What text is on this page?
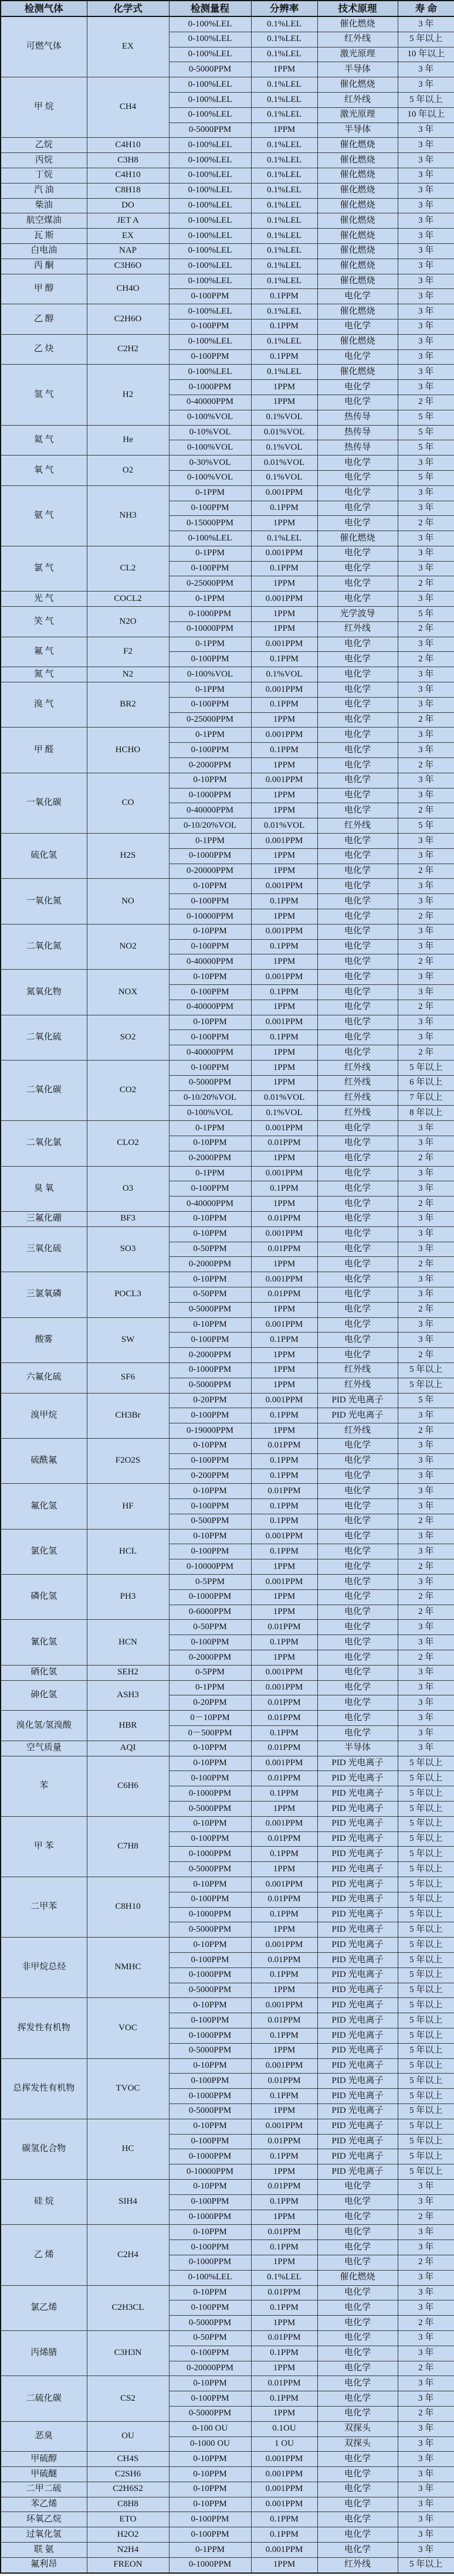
检测气体	化学式	检测量程	分辨率	技术原理	寿 命
可燃气体	EX	0-100%LEL	0.1%LEL	催化燃烧	3 年
		0-100%LEL	0.1%LEL	红外线	5 年以上
		0-100%LEL	0.1%LEL	激光原理	10 年以上
		0-5000PPM	1PPM	半导体	3 年
甲 烷	CH4	0-100%LEL	0.1%LEL	催化燃烧	3 年
		0-100%LEL	0.1%LEL	红外线	5 年以上
		0-100%LEL	0.1%LEL	激光原理	10 年以上
		0-5000PPM	1PPM	半导体	3 年
乙烷	C4H10	0-100%LEL	0.1%LEL	催化燃烧	3 年
丙烷	C3H8	0-100%LEL	0.1%LEL	催化燃烧	3 年
丁烷	C4H10	0-100%LEL	0.1%LEL	催化燃烧	3 年
汽 油	C8H18	0-100%LEL	0.1%LEL	催化燃烧	3 年
柴油	DO	0-100%LEL	0.1%LEL	催化燃烧	3 年
航空煤油	JET A	0-100%LEL	0.1%LEL	催化燃烧	3 年
瓦 斯	EX	0-100%LEL	0.1%LEL	催化燃烧	3 年
白电油	NAP	0-100%LEL	0.1%LEL	催化燃烧	3 年
丙 酮	C3H6O	0-100%LEL	0.1%LEL	催化燃烧	3 年
甲 醇	CH4O	0-100%LEL	0.1%LEL	催化燃烧	3 年
		0-100PPM	0.1PPM	电化学	3 年
乙 醇	C2H6O	0-100%LEL	0.1%LEL	催化燃烧	3 年
		0-100PPM	0.1PPM	电化学	3 年
乙 炔	C2H2	0-100%LEL	0.1%LEL	催化燃烧	3 年
		0-100PPM	0.1PPM	电化学	3 年
氢 气	H2	0-100%LEL	0.1%LEL	催化燃烧	3 年
		0-1000PPM	1PPM	电化学	3 年
		0-40000PPM	1PPM	电化学	2 年
		0-100%VOL	0.1%VOL	热传导	5 年
氦 气	He	0-10%VOL	0.01%VOL	热传导	5 年
		0-100%VOL	0.1%VOL	热传导	5 年
氧 气	O2	0-30%VOL	0.01%VOL	电化学	3 年
		0-100%VOL	0.1%VOL	电化学	5 年
氨 气	NH3	0-1PPM	0.001PPM	电化学	3 年
		0-100PPM	0.1PPM	电化学	3 年
		0-15000PPM	1PPM	电化学	2 年
		0-100%LEL	0.1%LEL	催化燃烧	3 年
氯 气	CL2	0-1PPM	0.001PPM	电化学	3 年
		0-100PPM	0.1PPM	电化学	3 年
		0-25000PPM	1PPM	电化学	2 年
光 气	COCL2	0-1PPM	0.001PPM	电化学	3 年
笑 气	N2O	0-1000PPM	1PPM	光学波导	5 年
		0-10000PPM	1PPM	红外线	2 年
氟 气	F2	0-1PPM	0.001PPM	电化学	3 年
		0-100PPM	0.1PPM	电化学	2 年
氮 气	N2	0-100%VOL	0.1%VOL	电化学	3 年
溴 气	BR2	0-1PPM	0.001PPM	电化学	3 年
		0-100PPM	0.1PPM	电化学	3 年
		0-25000PPM	1PPM	电化学	2 年
甲 醛	HCHO	0-1PPM	0.001PPM	电化学	3 年
		0-100PPM	0.1PPM	电化学	3 年
		0-2000PPM	1PPM	电化学	2 年
一氧化碳	CO	0-10PPM	0.001PPM	电化学	3 年
		0-1000PPM	1PPM	电化学	3 年
		0-40000PPM	1PPM	电化学	2 年
		0-10/20%VOL	0.01%VOL	红外线	5 年
硫化氢	H2S	0-1PPM	0.001PPM	电化学	3 年
		0-1000PPM	1PPM	电化学	3 年
		0-20000PPM	1PPM	电化学	2 年
一氧化氮	NO	0-10PPM	0.001PPM	电化学	3 年
		0-100PPM	0.1PPM	电化学	3 年
		0-10000PPM	1PPM	电化学	2 年
二氧化氮	NO2	0-10PPM	0.001PPM	电化学	3 年
		0-100PPM	0.1PPM	电化学	3 年
		0-40000PPM	1PPM	电化学	2 年
氮氧化物	NOX	0-10PPM	0.001PPM	电化学	3 年
		0-100PPM	0.1PPM	电化学	3 年
		0-40000PPM	1PPM	电化学	2 年
二氧化硫	SO2	0-10PPM	0.001PPM	电化学	3 年
		0-100PPM	0.1PPM	电化学	3 年
		0-40000PPM	1PPM	电化学	2 年
二氧化碳	CO2	0-100PPM	1PPM	红外线	5 年以上
		0-5000PPM	1PPM	红外线	6 年以上
		0-10/20%VOL	0.01%VOL	红外线	7 年以上
		0-100%VOL	0.1%VOL	红外线	8 年以上
二氧化氯	CLO2	0-1PPM	0.001PPM	电化学	3 年
		0-10PPM	0.01PPM	电化学	3 年
		0-2000PPM	1PPM	电化学	2 年
臭 氧	O3	0-1PPM	0.001PPM	电化学	3 年
		0-100PPM	0.1PPM	电化学	3 年
		0-40000PPM	1PPM	电化学	2 年
三氟化硼	BF3	0-10PPM	0.01PPM	电化学	3 年
三氧化硫	SO3	0-10PPM	0.001PPM	电化学	3 年
		0-50PPM	0.01PPM	电化学	3 年
		0-2000PPM	1PPM	电化学	2 年
三氯氧磷	POCL3	0-10PPM	0.001PPM	电化学	3 年
		0-50PPM	0.01PPM	电化学	3 年
		0-5000PPM	1PPM	电化学	2 年
酸雾	SW	0-10PPM	0.001PPM	电化学	3 年
		0-100PPM	0.1PPM	电化学	3 年
		0-2000PPM	1PPM	电化学	2 年
六氟化硫	SF6	0-1000PPM	1PPM	红外线	5 年以上
		0-5000PPM	1PPM	红外线	5 年以上
溴甲烷	CH3Br	0-20PPM	0.001PPM	PID 光电离子	5 年
		0-100PPM	0.1PPM	PID 光电离子	3 年
		0-19000PPM	1PPM	红外线	2 年
硫酰氟	F2O2S	0-10PPM	0.01PPM	电化学	3 年
		0-100PPM	0.1PPM	电化学	3 年
		0-200PPM	0.1PPM	电化学	3 年
氟化氢	HF	0-10PPM	0.01PPM	电化学	3 年
		0-100PPM	0.1PPM	电化学	3 年
		0-500PPM	0.1PPM	电化学	2 年
氯化氢	HCL	0-10PPM	0.001PPM	电化学	3 年
		0-100PPM	0.1PPM	电化学	3 年
		0-10000PPM	1PPM	电化学	2 年
磷化氢	PH3	0-5PPM	0.001PPM	电化学	3 年
		0-1000PPM	1PPM	电化学	2 年
		0-6000PPM	1PPM	电化学	2 年
氰化氢	HCN	0-50PPM	0.01PPM	电化学	3 年
		0-100PPM	0.1PPM	电化学	3 年
		0-2000PPM	1PPM	电化学	2 年
硒化氢	SEH2	0-5PPM	0.001PPM	电化学	3 年
砷化氢	ASH3	0-1PPM	0.001PPM	电化学	3 年
		0-20PPM	0.01PPM	电化学	3 年
溴化氢/氢溴酸	HBR	0－10PPM	0.01PPM	电化学	3 年
		0－500PPM	0.1PPM	电化学	3 年
空气质量	AQI	0-10PPM	0.01PPM	半导体	3 年
苯	C6H6	0-10PPM	0.001PPM	PID 光电离子	5 年以上
		0-100PPM	0.01PPM	PID 光电离子	5 年以上
		0-1000PPM	0.1PPM	PID 光电离子	5 年以上
		0-5000PPM	1PPM	PID 光电离子	5 年以上
甲 苯	C7H8	0-10PPM	0.001PPM	PID 光电离子	5 年以上
		0-100PPM	0.01PPM	PID 光电离子	5 年以上
		0-1000PPM	0.1PPM	PID 光电离子	5 年以上
		0-5000PPM	1PPM	PID 光电离子	5 年以上
二甲苯	C8H10	0-10PPM	0.001PPM	PID 光电离子	5 年以上
		0-100PPM	0.01PPM	PID 光电离子	5 年以上
		0-1000PPM	0.1PPM	PID 光电离子	5 年以上
		0-5000PPM	1PPM	PID 光电离子	5 年以上
非甲烷总烃	NMHC	0-10PPM	0.001PPM	PID 光电离子	5 年以上
		0-100PPM	0.01PPM	PID 光电离子	5 年以上
		0-1000PPM	0.1PPM	PID 光电离子	5 年以上
		0-5000PPM	1PPM	PID 光电离子	5 年以上
挥发性有机物	VOC	0-10PPM	0.001PPM	PID 光电离子	5 年以上
		0-100PPM	0.01PPM	PID 光电离子	5 年以上
		0-1000PPM	0.1PPM	PID 光电离子	5 年以上
		0-5000PPM	1PPM	PID 光电离子	5 年以上
总挥发性有机物	TVOC	0-10PPM	0.001PPM	PID 光电离子	5 年以上
		0-100PPM	0.01PPM	PID 光电离子	5 年以上
		0-1000PPM	0.1PPM	PID 光电离子	5 年以上
		0-5000PPM	1PPM	PID 光电离子	5 年以上
碳氢化合物	HC	0-10PPM	0.001PPM	PID 光电离子	5 年以上
		0-100PPM	0.01PPM	PID 光电离子	5 年以上
		0-1000PPM	0.1PPM	PID 光电离子	5 年以上
		0-10000PPM	1PPM	PID 光电离子	5 年以上
硅 烷	SIH4	0-10PPM	0.01PPM	电化学	3 年
		0-100PPM	0.1PPM	电化学	3 年
		0-1000PPM	1PPM	电化学	2 年
乙 烯	C2H4	0-10PPM	0.01PPM	电化学	3 年
		0-100PPM	0.1PPM	电化学	3 年
		0-1000PPM	1PPM	电化学	2 年
		0-100%LEL	0.1%LEL	催化燃烧	3 年
氯乙烯	C2H3CL	0-10PPM	0.01PPM	电化学	3 年
		0-100PPM	0.1PPM	电化学	3 年
		0-5000PPM	1PPM	电化学	2 年
丙烯腈	C3H3N	0-50PPM	0.01PPM	电化学	3 年
		0-100PPM	0.1PPM	电化学	3 年
		0-20000PPM	1PPM	电化学	2 年
二硫化碳	CS2	0-10PPM	0.01PPM	电化学	3 年
		0-100PPM	0.1PPM	电化学	3 年
		0-5000PPM	1PPM	电化学	2 年
恶臭	OU	0-100 OU	0.1OU	双探头	3 年
		0-1000 OU	1 OU	双探头	3 年
甲硫醇	CH4S	0-10PPM	0.001PPM	电化学	3 年
甲硫醚	C2SH6	0-10PPM	0.001PPM	电化学	3 年
二甲二硫	C2H6S2	0-10PPM	0.001PPM	电化学	3 年
苯乙烯	C8H8	0-10PPM	0.001PPM	电化学	3 年
环氧乙烷	ETO	0-100PPM	0.1PPM	电化学	3 年
过氧化氢	H2O2	0-100PPM	0.1PPM	电化学	3 年
联 氨	N2H4	0-1PPM	0.001PPM	电化学	3 年
氟利昂	FREON	0-1000PPM	1PPM	红外线	5 年以上
